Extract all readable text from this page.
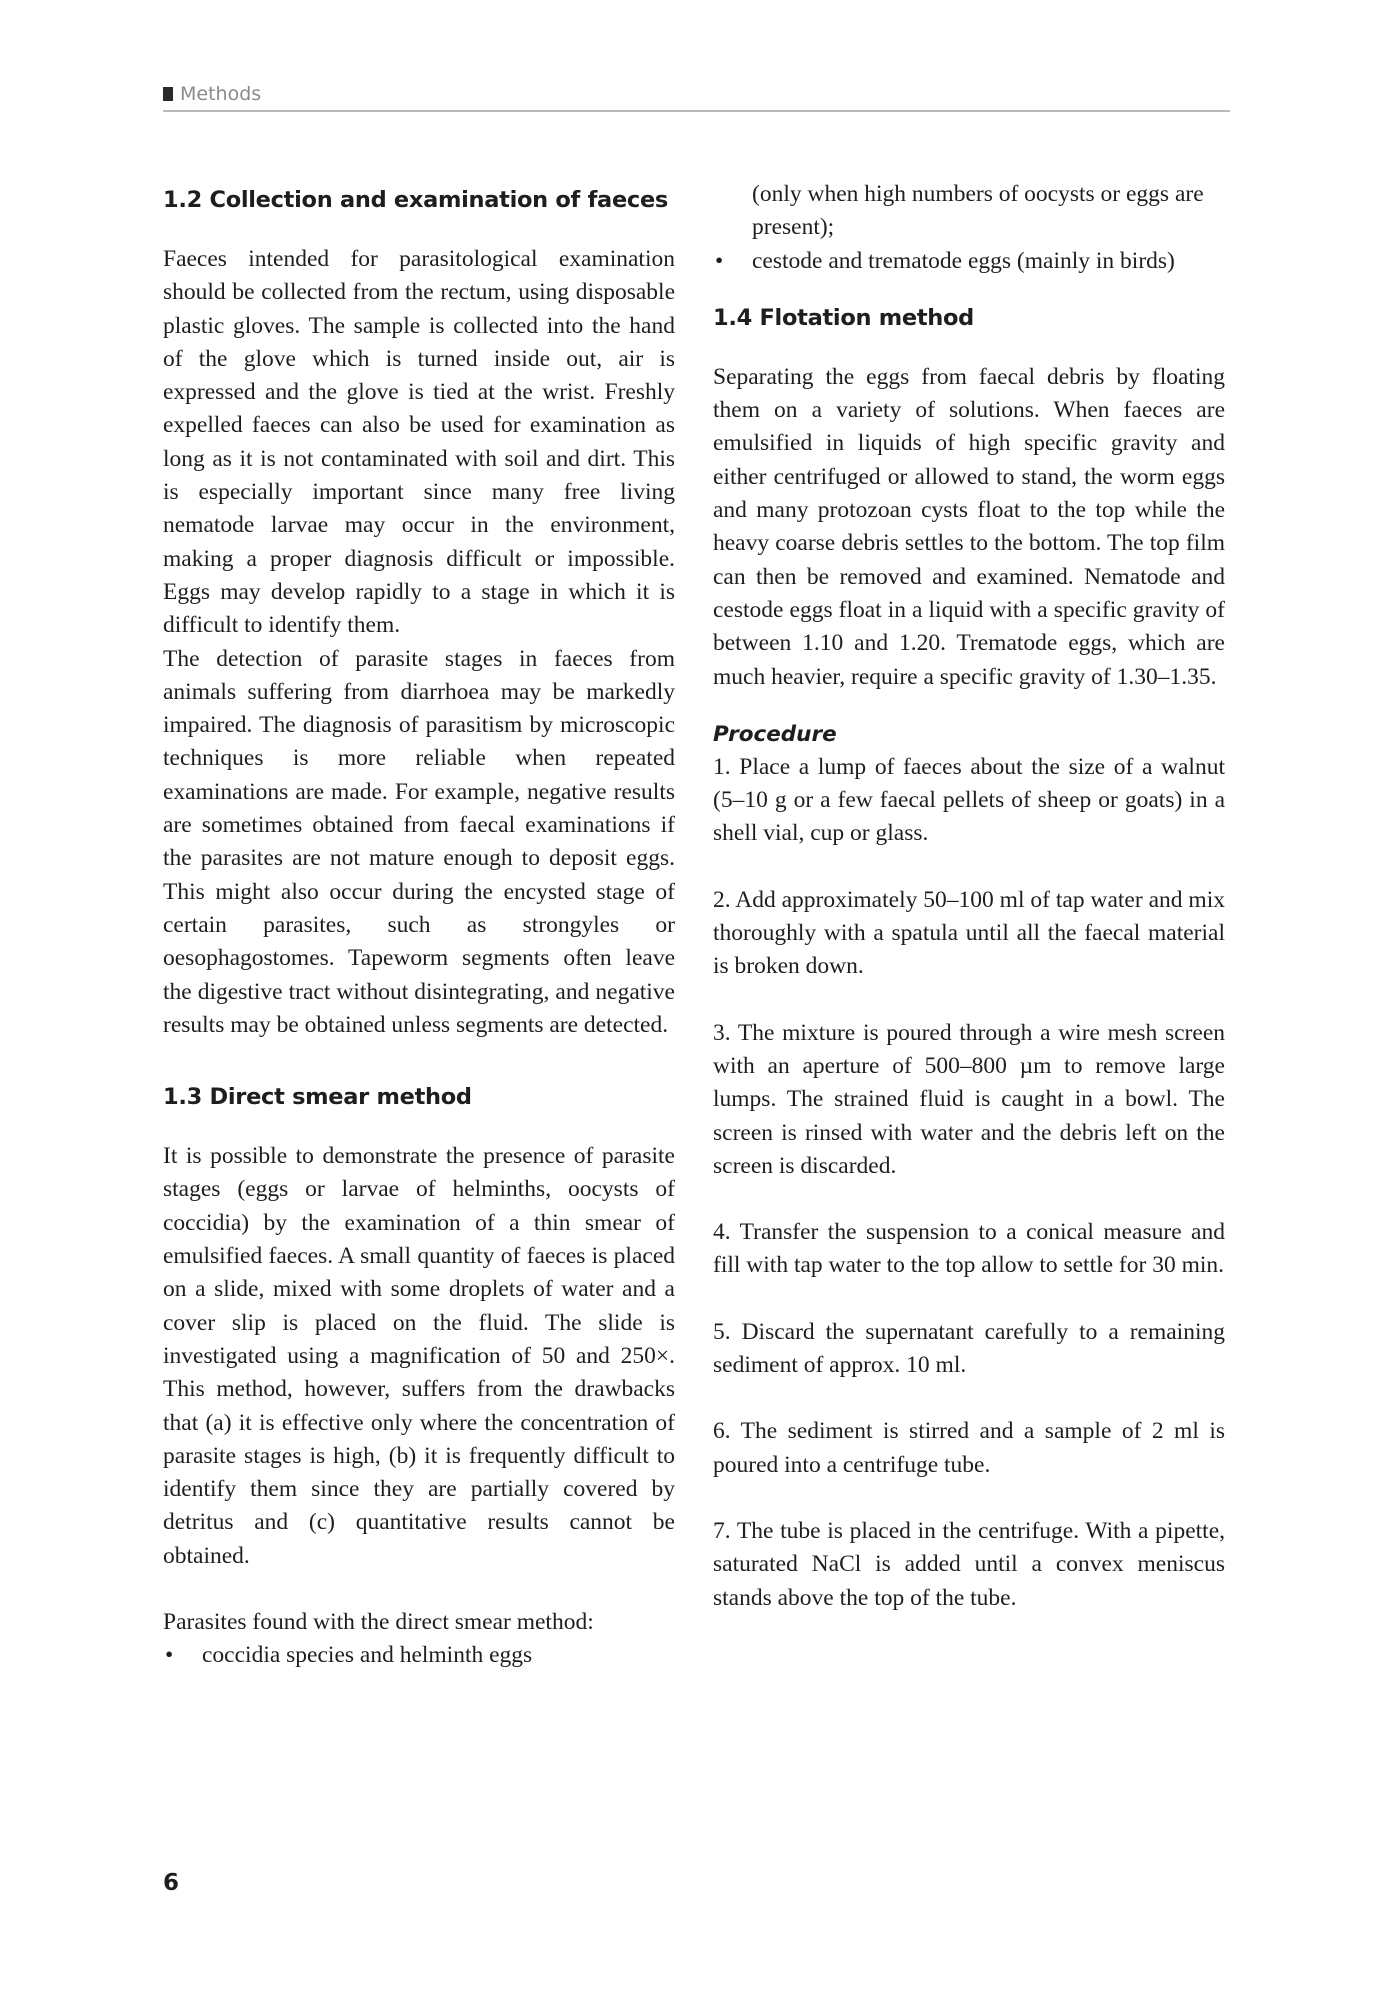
Methods
1.2 Collection and examination of faeces

Faeces intended for parasitological examination should be collected from the rectum, using disposable plastic gloves. The sample is collected into the hand of the glove which is turned inside out, air is expressed and the glove is tied at the wrist. Freshly expelled faeces can also be used for examination as long as it is not contaminated with soil and dirt. This is especially important since many free living nematode larvae may occur in the environment, making a proper diagnosis difficult or impossible. Eggs may develop rapidly to a stage in which it is difficult to identify them.

The detection of parasite stages in faeces from animals suffering from diarrhoea may be markedly impaired. The diagnosis of parasitism by microscopic techniques is more reliable when repeated examinations are made. For example, negative results are sometimes obtained from faecal examinations if the parasites are not mature enough to deposit eggs. This might also occur during the encysted stage of certain parasites, such as strongyles or oesophagostomes. Tapeworm segments often leave the digestive tract without disintegrating, and negative results may be obtained unless segments are detected.

1.3 Direct smear method

It is possible to demonstrate the presence of parasite stages (eggs or larvae of helminths, oocysts of coccidia) by the examination of a thin smear of emulsified faeces. A small quantity of faeces is placed on a slide, mixed with some droplets of water and a cover slip is placed on the fluid. The slide is investigated using a magnification of 50 and 250×. This method, however, suffers from the drawbacks that (a) it is effective only where the concentration of parasite stages is high, (b) it is frequently difficult to identify them since they are partially covered by detritus and (c) quantitative results cannot be obtained.

Parasites found with the direct smear method:

• coccidia species and helminth eggs
(only when high numbers of oocysts or eggs are present);
• cestode and trematode eggs (mainly in birds)
1.4 Flotation method

Separating the eggs from faecal debris by floating them on a variety of solutions. When faeces are emulsified in liquids of high specific gravity and either centrifuged or allowed to stand, the worm eggs and many protozoan cysts float to the top while the heavy coarse debris settles to the bottom. The top film can then be removed and examined. Nematode and cestode eggs float in a liquid with a specific gravity of between 1.10 and 1.20. Trematode eggs, which are much heavier, require a specific gravity of 1.30–1.35.

Procedure

1. Place a lump of faeces about the size of a walnut (5–10 g or a few faecal pellets of sheep or goats) in a shell vial, cup or glass.

2. Add approximately 50–100 ml of tap water and mix thoroughly with a spatula until all the faecal material is broken down.

3. The mixture is poured through a wire mesh screen with an aperture of 500–800 µm to remove large lumps. The strained fluid is caught in a bowl. The screen is rinsed with water and the debris left on the screen is discarded.

4. Transfer the suspension to a conical measure and fill with tap water to the top allow to settle for 30 min.

5. Discard the supernatant carefully to a remaining sediment of approx. 10 ml.

6. The sediment is stirred and a sample of 2 ml is poured into a centrifuge tube.

7. The tube is placed in the centrifuge. With a pipette, saturated NaCl is added until a convex meniscus stands above the top of the tube.

6
